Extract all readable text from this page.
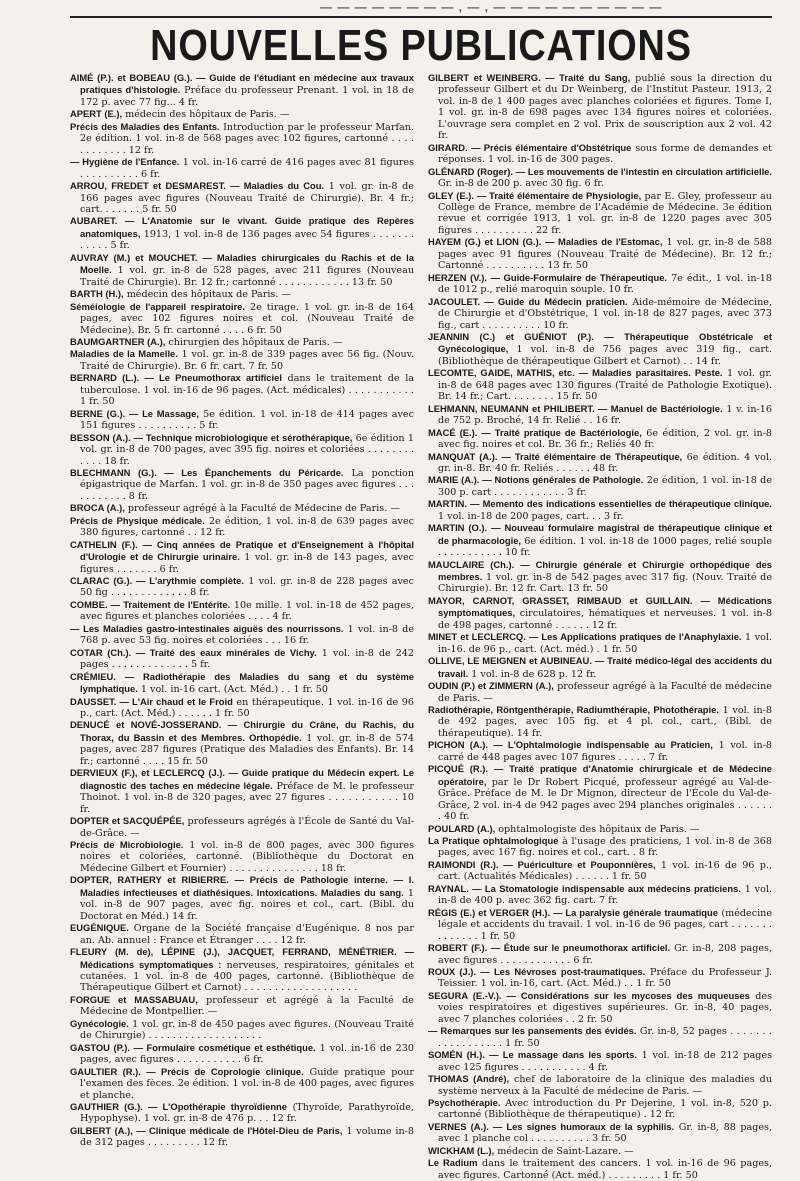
— — — — — — — — , — , — — — — — — — — — —
NOUVELLES PUBLICATIONS
AIMÉ (P.). et BOBEAU (G.). — Guide de l'étudiant en médecine aux travaux pratiques d'histologie. Préface du professeur Prenant. 1 vol. in 18 de 172 p. avec 77 fig... 4 fr.
APERT (E.), médecin des hôpitaux de Paris. —
Précis des Maladies des Enfants. Introduction par le professeur Marfan. 2e édition. 1 vol. in-8 de 568 pages avec 102 figures, cartonné . . . . . . . . . . . . 12 fr.
— Hygiène de l'Enfance. 1 vol. in-16 carré de 416 pages avec 81 figures . . . . . . . . . . 6 fr.
ARROU, FREDET et DESMAREST. — Maladies du Cou. 1 vol. gr. in-8 de 166 pages avec figures (Nouveau Traité de Chirurgie). Br. 4 fr.; cart. . . . . . . 5 fr. 50
AUBARET. — L'Anatomie sur le vivant. Guide pratique des Repères anatomiques, 1913, 1 vol. in-8 de 136 pages avec 54 figures . . . . . . . . . . . . 5 fr.
AUVRAY (M.) et MOUCHET. — Maladies chirurgicales du Rachis et de la Moelle. 1 vol. gr. in-8 de 528 pages, avec 211 figures (Nouveau Traité de Chirurgie). Br. 12 fr.; cartonné . . . . . . . . . . . . 13 fr. 50
BARTH (H.), médecin des hôpitaux de Paris. —
Séméiologie de l'appareil respiratoire. 2e tirage. 1 vol. gr. in-8 de 164 pages, avec 102 figures noires et col. (Nouveau Traité de Médecine). Br. 5 fr. cartonné . . . . 6 fr. 50
BAUMGARTNER (A.), chirurgien des hôpitaux de Paris. —
Maladies de la Mamelle. 1 vol. gr. in-8 de 339 pages avec 56 fig. (Nouv. Traité de Chirurgie). Br. 6 fr. cart. 7 fr. 50
BERNARD (L.). — Le Pneumothorax artificiel dans le traitement de la tuberculose. 1 vol. in-16 de 96 pages. (Act. médicales) . . . . . . . . . . . 1 fr. 50
BERNE (G.). — Le Massage, 5e édition. 1 vol. in-18 de 414 pages avec 151 figures . . . . . . . . . . 5 fr.
BESSON (A.). — Technique microbiologique et sérothérapique, 6e édition 1 vol. gr. in-8 de 700 pages, avec 395 fig. noires et coloriées . . . . . . . . . . . . 18 fr.
BLECHMANN (G.). — Les Épanchements du Péricarde. La ponction épigastrique de Marfan. 1 vol. gr. in-8 de 350 pages avec figures . . . . . . . . . . . 8 fr.
BROCA (A.), professeur agrégé à la Faculté de Médecine de Paris. —
Précis de Physique médicale. 2e édition, 1 vol. in-8 de 639 pages avec 380 figures, cartonné . . 12 fr.
CATHELIN (F.). — Cinq années de Pratique et d'Enseignement à l'hôpital d'Urologie et de Chirurgie urinaire. 1 vol. gr. in-8 de 143 pages, avec figures . . . . . . . 6 fr.
CLARAC (G.). — L'arythmie complète. 1 vol. gr. in-8 de 228 pages avec 50 fig . . . . . . . . . . . . . 8 fr.
COMBE. — Traitement de l'Entérite. 10e mille. 1 vol. in-18 de 452 pages, avec figures et planches coloriées . . . . 4 fr.
— Les Maladies gastro-intestinales aiguës des nourrissons. 1 vol. in-8 de 768 p. avec 53 fig. noires et coloriées . . . 16 fr.
COTAR (Ch.). — Traité des eaux minérales de Vichy. 1 vol. in-8 de 242 pages . . . . . . . . . . . . . 5 fr.
CRÉMIEU. — Radiothérapie des Maladies du sang et du système lymphatique. 1 vol. in-16 cart. (Act. Méd.) . . 1 fr. 50
DAUSSET. — L'Air chaud et le Froid en thérapeutique. 1 vol. in-16 de 96 p., cart. (Act. Méd.) . . . . . . 1 fr. 50
DENUCÉ et NOVÉ-JOSSERAND. — Chirurgie du Crâne, du Rachis, du Thorax, du Bassin et des Membres. Orthopédie. 1 vol. gr. in-8 de 574 pages, avec 287 figures (Pratique des Maladies des Enfants). Br. 14 fr.; cartonné . . . . 15 fr. 50
DERVIEUX (F.), et LECLERCQ (J.). — Guide pratique du Médecin expert. Le diagnostic des taches en médecine légale. Préface de M. le professeur Thoinot. 1 vol. in-8 de 320 pages, avec 27 figures . . . . . . . . . . . 10 fr.
DOPTER et SACQUÉPÉE, professeurs agrégés à l'École de Santé du Val-de-Grâce. —
Précis de Microbiologie. 1 vol. in-8 de 800 pages, avec 300 figures noires et coloriées, cartonné. (Bibliothèque du Doctorat en Médecine Gilbert et Fournier) . . . . . . . . . . . . . . . 18 fr.
DOPTER, RATHERY et RIBIERRE. — Précis de Pathologie interne. — I. Maladies infectieuses et diathésiques. Intoxications. Maladies du sang. 1 vol. in-8 de 907 pages, avec fig. noires et col., cart. (Bibl. du Doctorat en Méd.) 14 fr.
EUGÉNIQUE. Organe de la Société française d'Eugénique. 8 nos par an. Ab. annuel : France et Étranger . . . . 12 fr.
FLEURY (M. de), LÉPINE (J.), JACQUET, FERRAND, MÉNÉTRIER. — Médications symptomatiques : nerveuses, respiratoires, génitales et cutanées. 1 vol. in-8 de 400 pages, cartonné. (Bibliothèque de Thérapeutique Gilbert et Carnot) . . . . . . . . . . . . . . . . . . .
FORGUE et MASSABUAU, professeur et agrégé à la Faculté de Médecine de Montpellier. —
Gynécologie. 1 vol. gr. in-8 de 450 pages avec figures. (Nouveau Traité de Chirurgie) . . . . . . . . . . . . . . . . . . .
GASTOU (P.). — Formulaire cosmétique et esthétique. 1 vol. in-16 de 230 pages, avec figures . . . . . . . . . . . 6 fr.
GAULTIER (R.). — Précis de Coprologie clinique. Guide pratique pour l'examen des fèces. 2e édition. 1 vol. in-8 de 400 pages, avec figures et planche.
GAUTHIER (G.). — L'Opothérapie thyroïdienne (Thyroïde, Parathyroïde, Hypophyse). 1 vol. gr. in-8 de 476 p. . . 12 fr.
GILBERT (A.), — Clinique médicale de l'Hôtel-Dieu de Paris, 1 volume in-8 de 312 pages . . . . . . . . . 12 fr.
GILBERT et WEINBERG. — Traité du Sang, publié sous la direction du professeur Gilbert et du Dr Weinberg, de l'Institut Pasteur. 1913, 2 vol. in-8 de 1 400 pages avec planches coloriées et figures. Tome I, 1 vol. gr. in-8 de 698 pages avec 134 figures noires et coloriées. L'ouvrage sera complet en 2 vol. Prix de souscription aux 2 vol. 42 fr.
GIRARD. — Précis élémentaire d'Obstétrique sous forme de demandes et réponses. 1 vol. in-16 de 300 pages.
GLÉNARD (Roger). — Les mouvements de l'intestin en circulation artificielle. Gr. in-8 de 200 p. avec 30 fig. 6 fr.
GLEY (E.). — Traité élémentaire de Physiologie, par E. Gley, professeur au Collège de France, membre de l'Académie de Médecine. 3e édition revue et corrigée 1913, 1 vol. gr. in-8 de 1220 pages avec 305 figures . . . . . . . . . . 22 fr.
HAYEM (G.) et LION (G.). — Maladies de l'Estomac, 1 vol. gr. in-8 de 588 pages avec 91 figures (Nouveau Traité de Médecine). Br. 12 fr.; Cartonné . . . . . . . . . . 13 fr. 50
HERZEN (V.). — Guide-Formulaire de Thérapeutique. 7e édit., 1 vol. in-18 de 1012 p., relié maroquin souple. 10 fr.
JACOULET. — Guide du Médecin praticien. Aide-mémoire de Médecine, de Chirurgie et d'Obstétrique, 1 vol. in-18 de 827 pages, avec 373 fig., cart . . . . . . . . . . 10 fr.
JEANNIN (C.) et GUÉNIOT (P.). — Thérapeutique Obstétricale et Gynécologique, 1 vol. in-8 de 756 pages avec 319 fig., cart. (Bibliothèque de thérapeutique Gilbert et Carnot) . . 14 fr.
LECOMTE, GAIDE, MATHIS, etc. — Maladies parasitaires. Peste. 1 vol. gr. in-8 de 648 pages avec 130 figures (Traité de Pathologie Exotique). Br. 14 fr.; Cart. . . . . . . . 15 fr. 50
LEHMANN, NEUMANN et PHILIBERT. — Manuel de Bactériologie. 1 v. in-16 de 752 p. Broché, 14 fr. Relié . . 16 fr.
MACÉ (E.). — Traité pratique de Bactériologie, 6e édition, 2 vol. gr. in-8 avec fig. noires et col. Br. 36 fr.; Reliés 40 fr.
MANQUAT (A.). — Traité élémentaire de Thérapeutique, 6e édition. 4 vol. gr. in-8. Br. 40 fr. Reliés . . . . . . 48 fr.
MARIE (A.). — Notions générales de Pathologie. 2e édition, 1 vol. in-18 de 300 p. cart . . . . . . . . . . . . 3 fr.
MARTIN. — Memento des indications essentielles de thérapeutique clinique. 1 vol. in-18 de 200 pages, cart. . . 3 fr.
MARTIN (O.). — Nouveau formulaire magistral de thérapeutique clinique et de pharmacologie, 6e édition. 1 vol. in-18 de 1000 pages, relié souple . . . . . . . . . . . 10 fr.
MAUCLAIRE (Ch.). — Chirurgie générale et Chirurgie orthopédique des membres. 1 vol. gr. in-8 de 542 pages avec 317 fig. (Nouv. Traité de Chirurgie). Br. 12 fr. Cart. 13 fr. 50
MAYOR, CARNOT, GRASSET, RIMBAUD et GUILLAIN. — Médications symptomatiques, circulatoires, hématiques et nerveuses. 1 vol. in-8 de 498 pages, cartonné . . . . . . 12 fr.
MINET et LECLERCQ. — Les Applications pratiques de l'Anaphylaxie. 1 vol. in-16. de 96 p., cart. (Act. méd.) . 1 fr. 50
OLLIVE, LE MEIGNEN et AUBINEAU. — Traité médico-légal des accidents du travail. 1 vol. in-8 de 628 p. 12 fr.
OUDIN (P.) et ZIMMERN (A.), professeur agrégé à la Faculté de médecine de Paris. —
Radiothérapie, Röntgenthérapie, Radiumthérapie, Photothérapie. 1 vol. in-8 de 492 pages, avec 105 fig. et 4 pl. col., cart., (Bibl. de thérapeutique). 14 fr.
PICHON (A.). — L'Ophtalmologie indispensable au Praticien, 1 vol. in-8 carré de 448 pages avec 107 figures . . . . . 7 fr.
PICQUÉ (R.). — Traité pratique d'Anatomie chirurgicale et de Médecine opératoire, par le Dr Robert Picqué, professeur agrégé au Val-de-Grâce. Préface de M. le Dr Mignon, directeur de l'École du Val-de-Grâce, 2 vol. in-4 de 942 pages avec 294 planches originales . . . . . . . 40 fr.
POULARD (A.), ophtalmologiste des hôpitaux de Paris. —
La Pratique ophtalmologique à l'usage des praticiens, 1 vol. in-8 de 368 pages, avec 167 fig. noires et col., cart. . 8 fr.
RAIMONDI (R.). — Puériculture et Pouponnières, 1 vol. in-16 de 96 p., cart. (Actualités Médicales) . . . . . . 1 fr. 50
RAYNAL. — La Stomatologie indispensable aux médecins praticiens. 1 vol. in-8 de 400 p. avec 362 fig. cart. 7 fr.
RÉGIS (E.) et VERGER (H.). — La paralysie générale traumatique (médecine légale et accidents du travail. 1 vol. in-16 de 96 pages, cart . . . . . . . . . . . . . . 1 fr. 50
ROBERT (F.). — Étude sur le pneumothorax artificiel. Gr. in-8, 208 pages, avec figures . . . . . . . . . . . . 6 fr.
ROUX (J.). — Les Névroses post-traumatiques. Préface du Professeur J. Teissier. 1 vol. in-16, cart. (Act. Méd.) . . 1 fr. 50
SEGURA (E.-V.). — Considérations sur les mycoses des muqueuses des voies respiratoires et digestives supérieures. Gr. in-8, 40 pages, avec 7 planches coloriées . . 2 fr. 50
— Remarques sur les pansements des évidés. Gr. in-8, 52 pages . . . . . . . . . . . . . . . . . . 1 fr. 50
SOMÉN (H.). — Le massage dans les sports. 1 vol. in-18 de 212 pages avec 125 figures . . . . . . . . . . . 4 fr.
THOMAS (André), chef de laboratoire de la clinique des maladies du système nerveux à la Faculté de médecine de Paris. —
Psychothérapie. Avec introduction du Pr Dejerine, 1 vol. in-8, 520 p. cartonné (Bibliothèque de thérapeutique) . 12 fr.
VERNES (A.). — Les signes humoraux de la syphilis. Gr. in-8, 88 pages, avec 1 planche col . . . . . . . . . . 3 fr. 50
WICKHAM (L.), médecin de Saint-Lazare. —
Le Radium dans le traitement des cancers. 1 vol. in-16 de 96 pages, avec figures. Cartonné (Act. méd.) . . . . . . . . . 1 fr. 50
